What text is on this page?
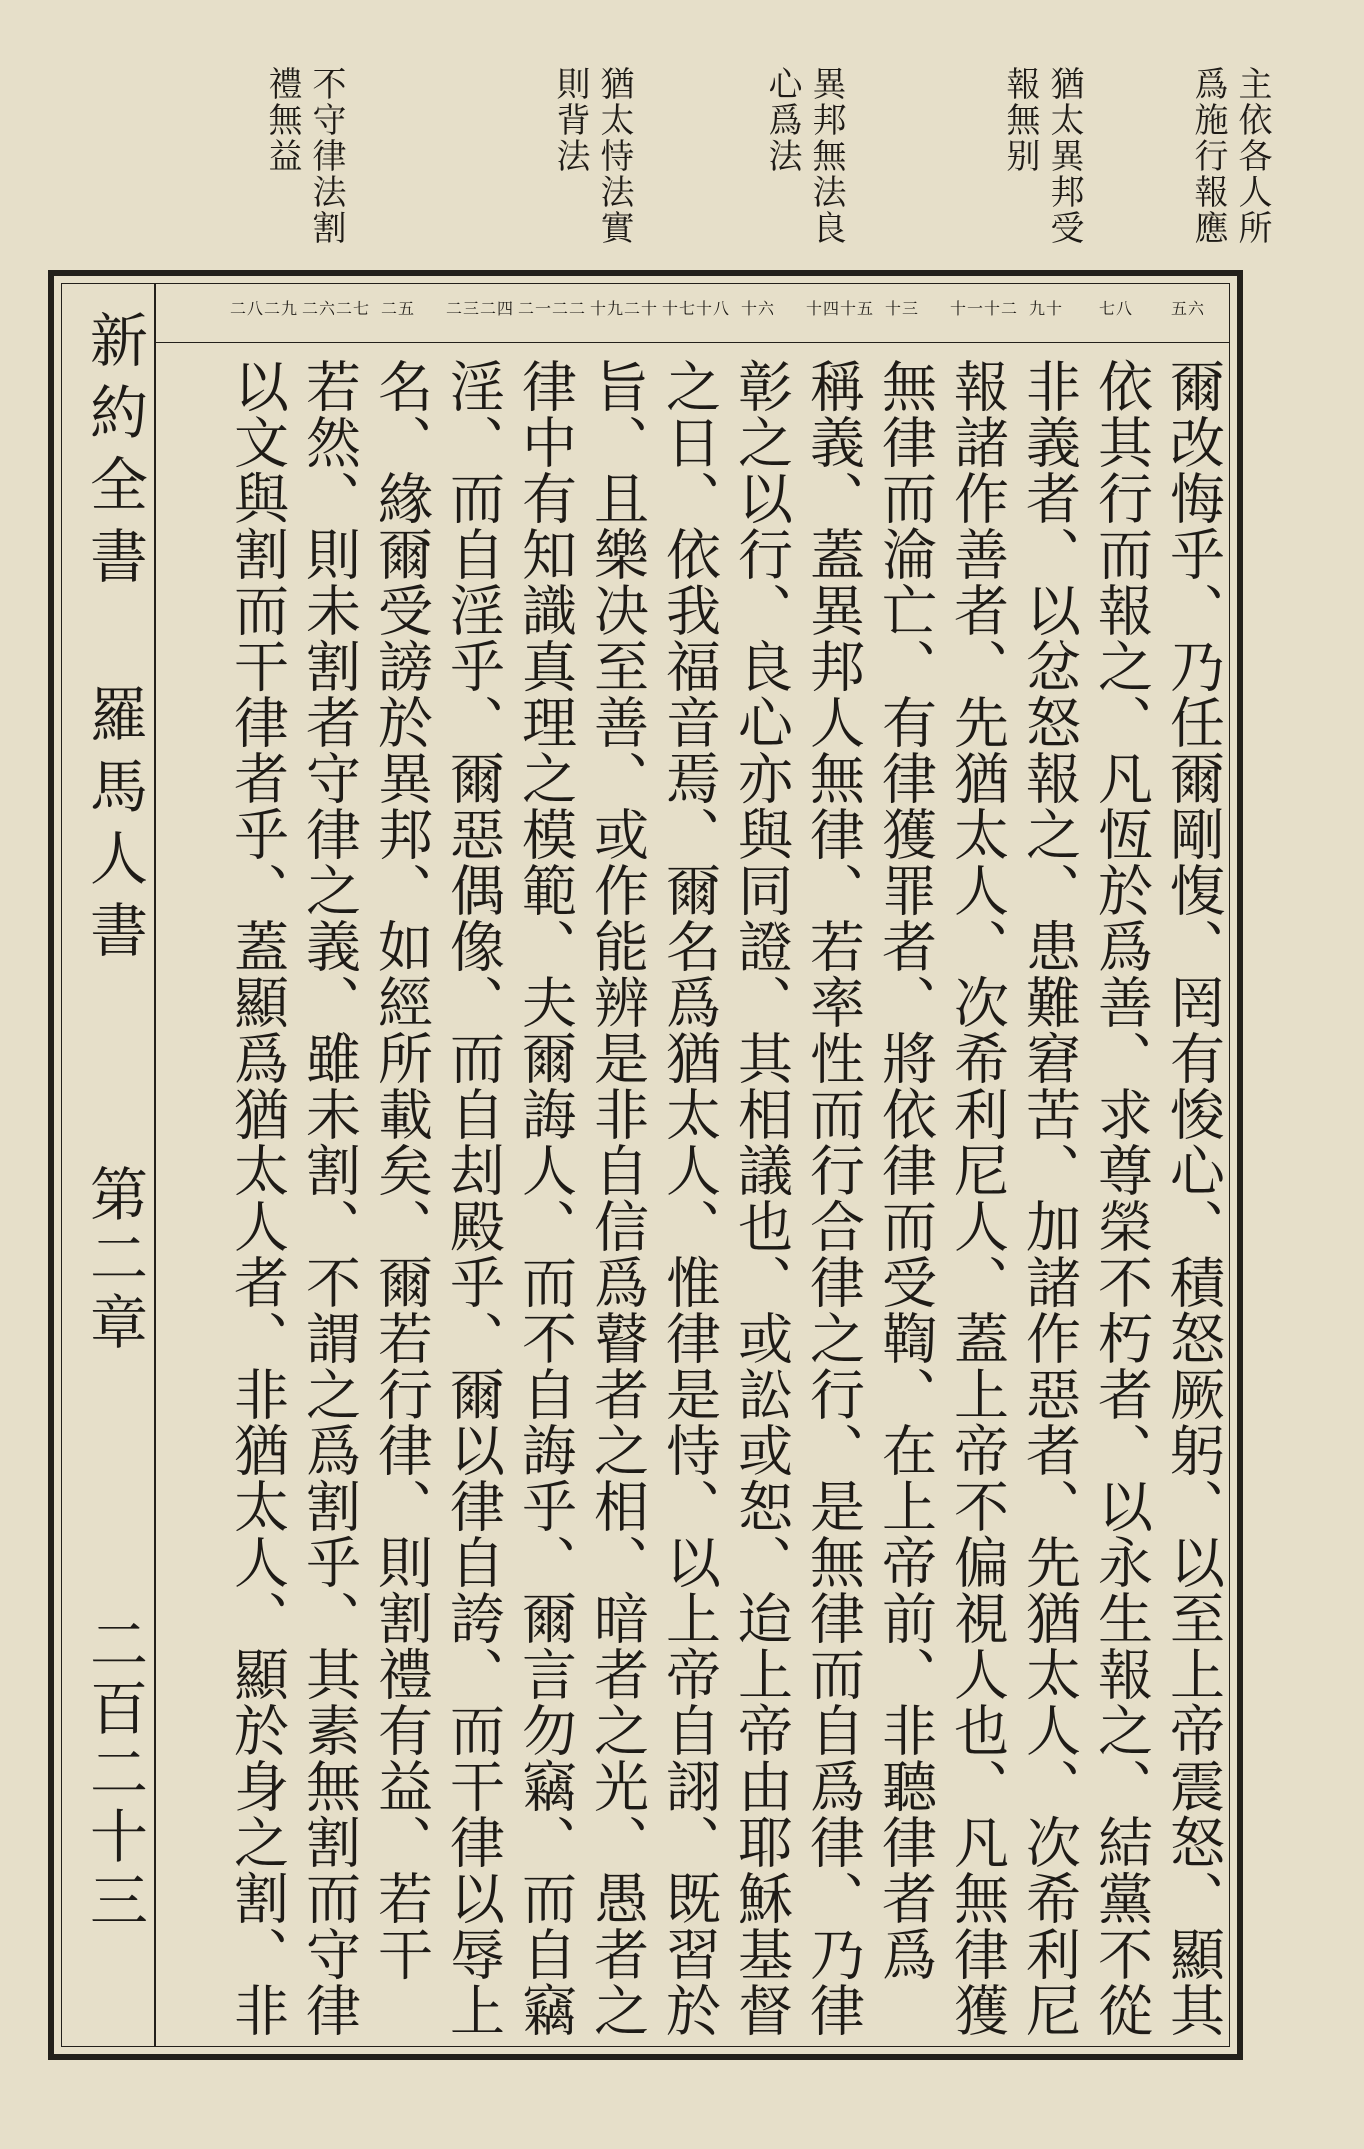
主依各人所爲施行報應
猶太異邦受報無别
異邦無法良心爲法
猶太恃法實則背法
不守律法割禮無益
新約全書
羅馬人書
第二章
二百二十三
五六
七八
九十
十一十二
十三
十四十五
十六
十七十八
十九二十
二一二二
二三二四
二五
二六二七
二八二九
爾改悔乎、乃任爾剛愎、罔有悛心、積怒厥躬、以至上帝震怒、顯其
依其行而報之、凡恆於爲善、求尊榮不朽者、以永生報之、結黨不從
非義者、以忿怒報之、患難窘苦、加諸作惡者、先猶太人、次希利尼
報諸作善者、先猶太人、次希利尼人、蓋上帝不偏視人也、凡無律獲
無律而淪亡、有律獲罪者、將依律而受鞫、在上帝前、非聽律者爲
稱義、蓋異邦人無律、若率性而行合律之行、是無律而自爲律、乃律
彰之以行、良心亦與同證、其相議也、或訟或恕、迨上帝由耶穌基督
之日、依我福音焉、爾名爲猶太人、惟律是恃、以上帝自詡、既習於
旨、且樂决至善、或作能辨是非自信爲瞽者之相、暗者之光、愚者之
律中有知識真理之模範、夫爾誨人、而不自誨乎、爾言勿竊、而自竊
淫、而自淫乎、爾惡偶像、而自刦殿乎、爾以律自誇、而干律以辱上
名、緣爾受謗於異邦、如經所載矣、爾若行律、則割禮有益、若干
若然、則未割者守律之義、雖未割、不謂之爲割乎、其素無割而守律
以文與割而干律者乎、蓋顯爲猶太人者、非猶太人、顯於身之割、非
